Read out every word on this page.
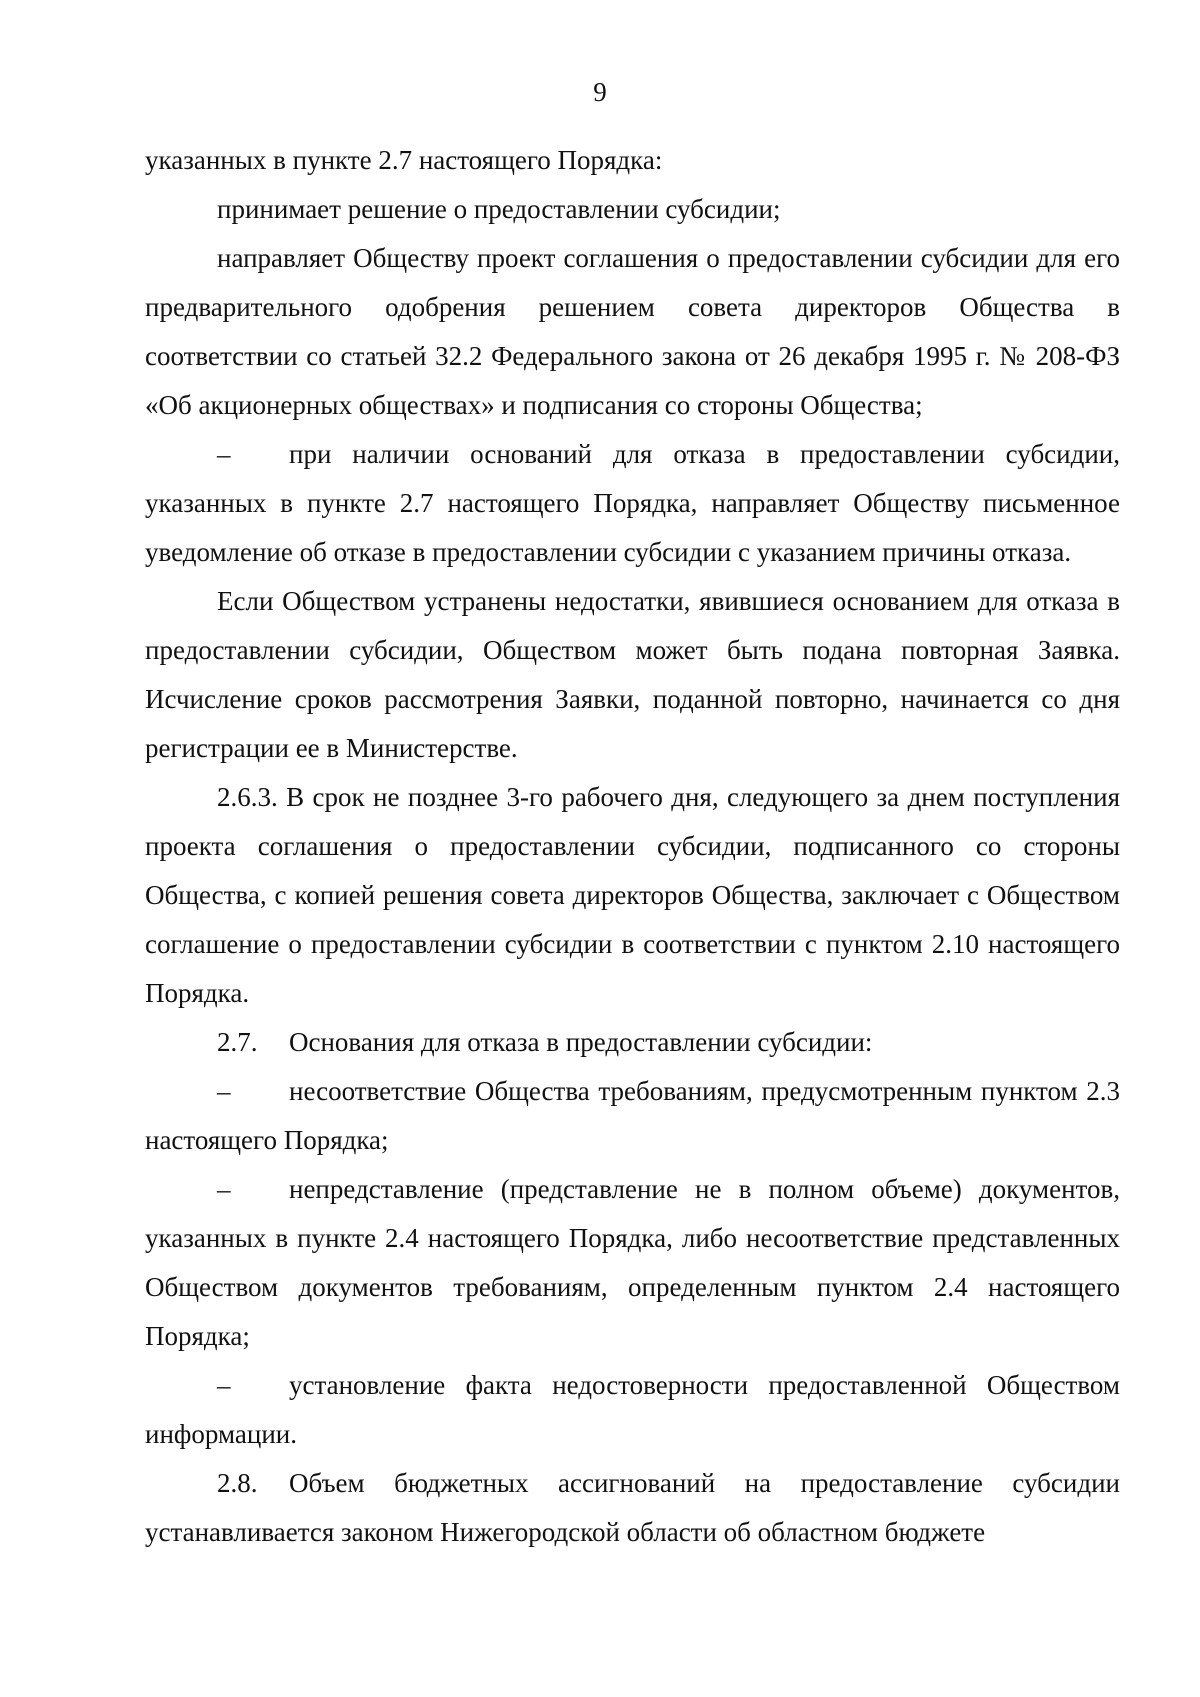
9

указанных в пункте 2.7 настоящего Порядка:

принимает решение о предоставлении субсидии;

направляет Обществу проект соглашения о предоставлении субсидии для его предварительного одобрения решением совета директоров Общества в соответствии со статьей 32.2 Федерального закона от 26 декабря 1995 г. № 208-ФЗ «Об акционерных обществах» и подписания со стороны Общества;

– при наличии оснований для отказа в предоставлении субсидии, указанных в пункте 2.7 настоящего Порядка, направляет Обществу письменное уведомление об отказе в предоставлении субсидии с указанием причины отказа.

Если Обществом устранены недостатки, явившиеся основанием для отказа в предоставлении субсидии, Обществом может быть подана повторная Заявка. Исчисление сроков рассмотрения Заявки, поданной повторно, начинается со дня регистрации ее в Министерстве.

2.6.3. В срок не позднее 3-го рабочего дня, следующего за днем поступления проекта соглашения о предоставлении субсидии, подписанного со стороны Общества, с копией решения совета директоров Общества, заключает с Обществом соглашение о предоставлении субсидии в соответствии с пунктом 2.10 настоящего Порядка.

2.7. Основания для отказа в предоставлении субсидии:

– несоответствие Общества требованиям, предусмотренным пунктом 2.3 настоящего Порядка;

– непредставление (представление не в полном объеме) документов, указанных в пункте 2.4 настоящего Порядка, либо несоответствие представленных Обществом документов требованиям, определенным пунктом 2.4 настоящего Порядка;

– установление факта недостоверности предоставленной Обществом информации.

2.8. Объем бюджетных ассигнований на предоставление субсидии устанавливается законом Нижегородской области об областном бюджете
